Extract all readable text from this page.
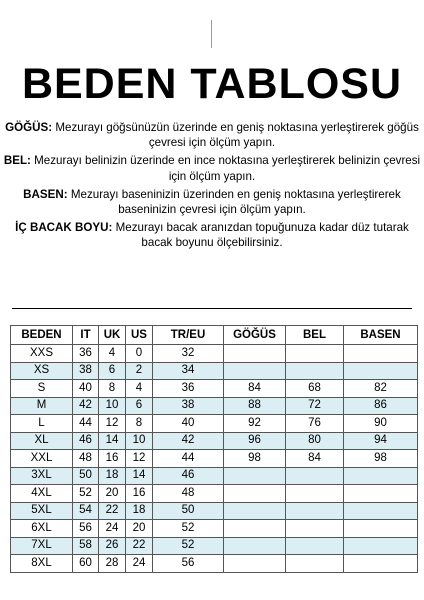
BEDEN TABLOSU

GÖĞÜS: Mezurayı göğsünüzün üzerinde en geniş noktasına yerleştirerek göğüs çevresi için ölçüm yapın.

BEL: Mezurayı belinizin üzerinde en ince noktasına yerleştirerek belinizin çevresi için ölçüm yapın.

BASEN: Mezurayı baseninizin üzerinden en geniş noktasına yerleştirerek baseninizin çevresi için ölçüm yapın.

İÇ BACAK BOYU: Mezurayı bacak aranızdan topuğunuza kadar düz tutarak bacak boyunu ölçebilirsiniz.

BEDEN	IT	UK	US	TR/EU	GÖĞÜS	BEL	BASEN
XXS	36	4	0	32			
XS	38	6	2	34			
S	40	8	4	36	84	68	82
M	42	10	6	38	88	72	86
L	44	12	8	40	92	76	90
XL	46	14	10	42	96	80	94
XXL	48	16	12	44	98	84	98
3XL	50	18	14	46			
4XL	52	20	16	48			
5XL	54	22	18	50			
6XL	56	24	20	52			
7XL	58	26	22	52			
8XL	60	28	24	56			
